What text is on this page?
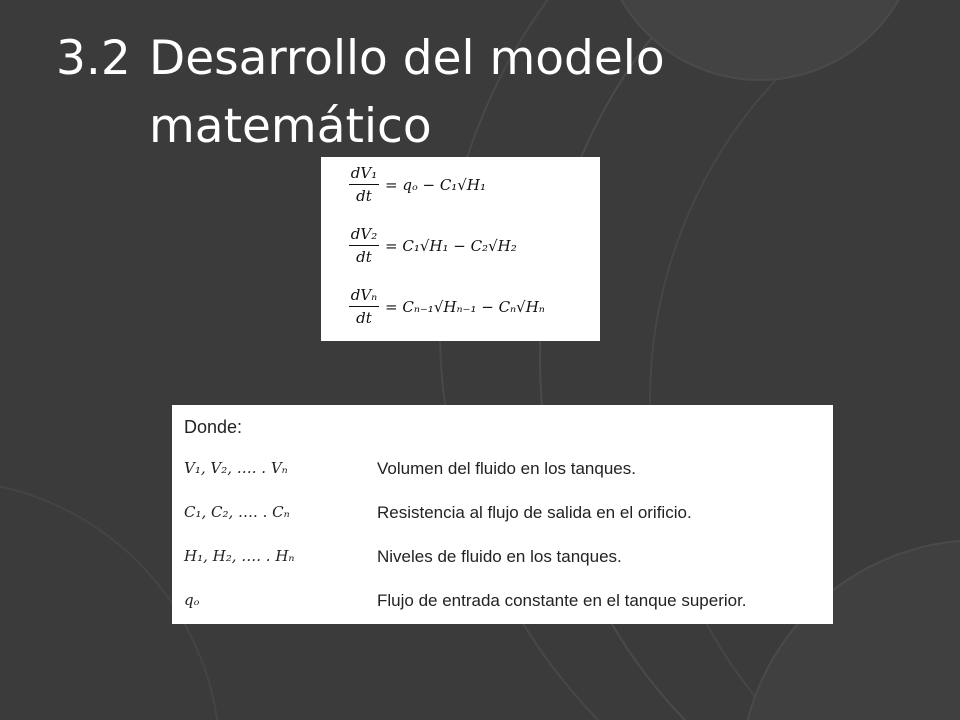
3.2 Desarrollo del modelo
matemático
dV₁
dt
= qₒ − C₁√H₁
dV₂
dt
= C₁√H₁ − C₂√H₂
dVₙ
dt
= Cₙ₋₁√Hₙ₋₁ − Cₙ√Hₙ
Donde:
V₁, V₂, …. . Vₙ	Volumen del fluido en los tanques.
C₁, C₂, …. . Cₙ	Resistencia al flujo de salida en el orificio.
H₁, H₂, …. . Hₙ	Niveles de fluido en los tanques.
qₒ	Flujo de entrada constante en el tanque superior.
